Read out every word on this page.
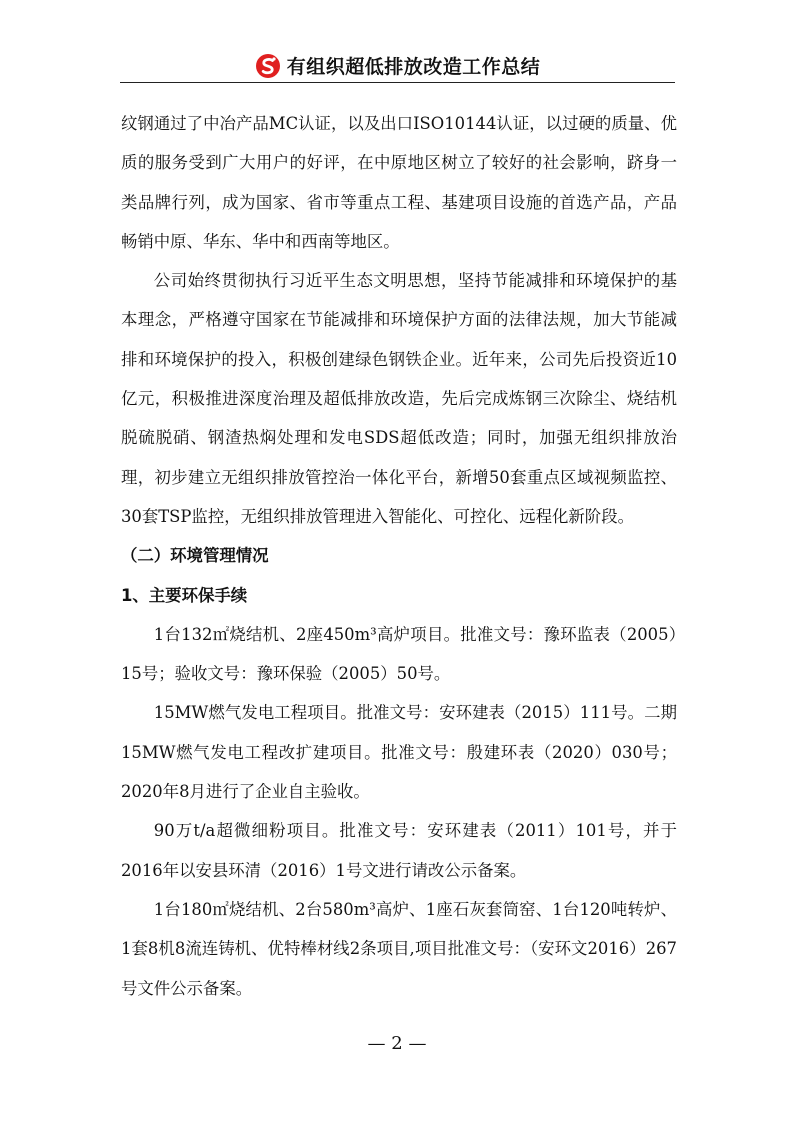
有组织超低排放改造工作总结

纹钢通过了中冶产品MC认证，以及出口ISO10144认证，以过硬的质量、优质的服务受到广大用户的好评，在中原地区树立了较好的社会影响，跻身一类品牌行列，成为国家、省市等重点工程、基建项目设施的首选产品，产品畅销中原、华东、华中和西南等地区。

公司始终贯彻执行习近平生态文明思想，坚持节能减排和环境保护的基本理念，严格遵守国家在节能减排和环境保护方面的法律法规，加大节能减排和环境保护的投入，积极创建绿色钢铁企业。近年来，公司先后投资近10亿元，积极推进深度治理及超低排放改造，先后完成炼钢三次除尘、烧结机脱硫脱硝、钢渣热焖处理和发电SDS超低改造；同时，加强无组织排放治理，初步建立无组织排放管控治一体化平台，新增50套重点区域视频监控、30套TSP监控，无组织排放管理进入智能化、可控化、远程化新阶段。

（二）环境管理情况

1、主要环保手续

1台132㎡烧结机、2座450m³高炉项目。批准文号：豫环监表（2005）15号；验收文号：豫环保验（2005）50号。

15MW燃气发电工程项目。批准文号：安环建表（2015）111号。二期15MW燃气发电工程改扩建项目。批准文号：殷建环表（2020）030号；2020年8月进行了企业自主验收。

90万t/a超微细粉项目。批准文号：安环建表（2011）101号，并于2016年以安县环清（2016）1号文进行请改公示备案。

1台180㎡烧结机、2台580m³高炉、1座石灰套筒窑、1台120吨转炉、1套8机8流连铸机、优特棒材线2条项目,项目批准文号：（安环文2016）267号文件公示备案。

— 2 —
